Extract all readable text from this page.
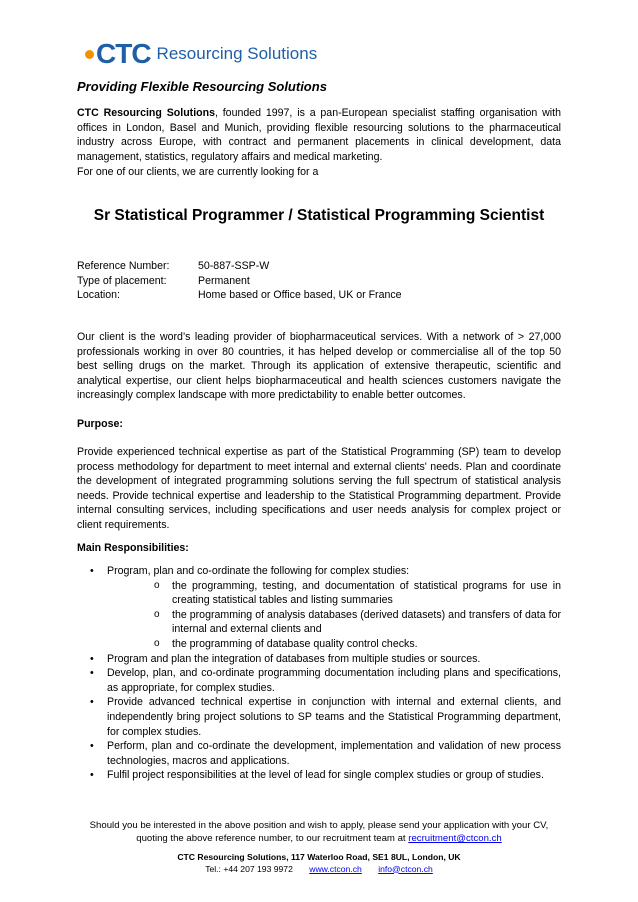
CTC Resourcing Solutions
Providing Flexible Resourcing Solutions
CTC Resourcing Solutions, founded 1997, is a pan-European specialist staffing organisation with offices in London, Basel and Munich, providing flexible resourcing solutions to the pharmaceutical industry across Europe, with contract and permanent placements in clinical development, data management, statistics, regulatory affairs and medical marketing.
For one of our clients, we are currently looking for a
Sr Statistical Programmer / Statistical Programming Scientist
Reference Number:	50-887-SSP-W
Type of placement:	Permanent
Location:	Home based or Office based, UK or France
Our client is the word’s leading provider of biopharmaceutical services. With a network of > 27,000 professionals working in over 80 countries, it has helped develop or commercialise all of the top 50 best selling drugs on the market. Through its application of extensive therapeutic, scientific and analytical expertise, our client helps biopharmaceutical and health sciences customers navigate the increasingly complex landscape with more predictability to enable better outcomes.
Purpose:
Provide experienced technical expertise as part of the Statistical Programming (SP) team to develop process methodology for department to meet internal and external clients' needs. Plan and coordinate the development of integrated programming solutions serving the full spectrum of statistical analysis needs. Provide technical expertise and leadership to the Statistical Programming department. Provide internal consulting services, including specifications and user needs analysis for complex project or client requirements.
Main Responsibilities:
• Program, plan and co-ordinate the following for complex studies:
o the programming, testing, and documentation of statistical programs for use in creating statistical tables and listing summaries
o the programming of analysis databases (derived datasets) and transfers of data for internal and external clients and
o the programming of database quality control checks.
• Program and plan the integration of databases from multiple studies or sources.
• Develop, plan, and co-ordinate programming documentation including plans and specifications, as appropriate, for complex studies.
• Provide advanced technical expertise in conjunction with internal and external clients, and independently bring project solutions to SP teams and the Statistical Programming department, for complex studies.
• Perform, plan and co-ordinate the development, implementation and validation of new process technologies, macros and applications.
• Fulfil project responsibilities at the level of lead for single complex studies or group of studies.
Should you be interested in the above position and wish to apply, please send your application with your CV, quoting the above reference number, to our recruitment team at recruitment@ctcon.ch
CTC Resourcing Solutions, 117 Waterloo Road, SE1 8UL, London, UK
Tel.: +44 207 193 9972 www.ctcon.ch info@ctcon.ch
